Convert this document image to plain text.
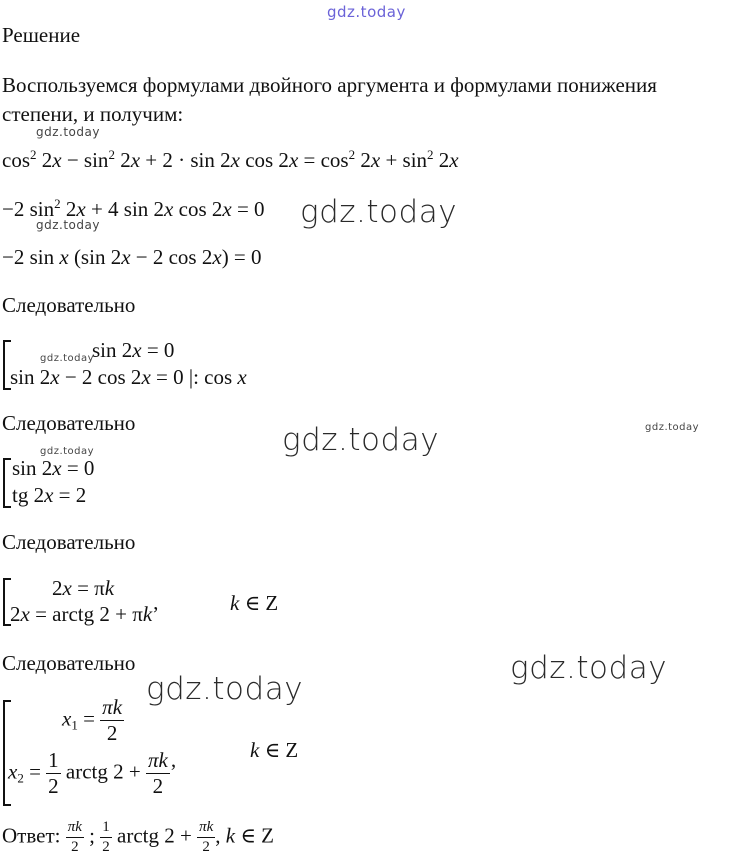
gdz.today
gdz.today
gdz.today	gdz.today
gdz.today
gdz.today	gdz.today
gdz.today
gdz.today
gdz.today
Решение
Воспользуемся формулами двойного аргумента и формулами понижения
степени, и получим:
$\cos^2 2x - \sin^2 2x + 2 \cdot \sin 2x$ $\cos 2x = \cos^2 2x + \sin^2 2x$
−2 $\sin^2 2x + 4$ sin 2x cos 2x = 0
−2 sin x (sin 2x − 2 cos 2x) = 0
Следовательно
sin 2x = 0
sin 2x − 2 cos 2x = 0 |: cos x
Следовательно
sin 2x = 0
tg 2x = 2
Следовательно
2x = πk
2x = arctg 2 + πk’	k ∈ Z
Следовательно
$x_1 = \frac{\pi k}{2}$
$x_2 = \frac{1}{2}$ arctg $2 + \frac{\pi k}{2}$ ’
k ∈ Z
Ответ: $\frac{\pi k}{2}$ ; $\frac{1}{2}$ arctg $2 + \frac{\pi k}{2}$ , k ∈ Z
